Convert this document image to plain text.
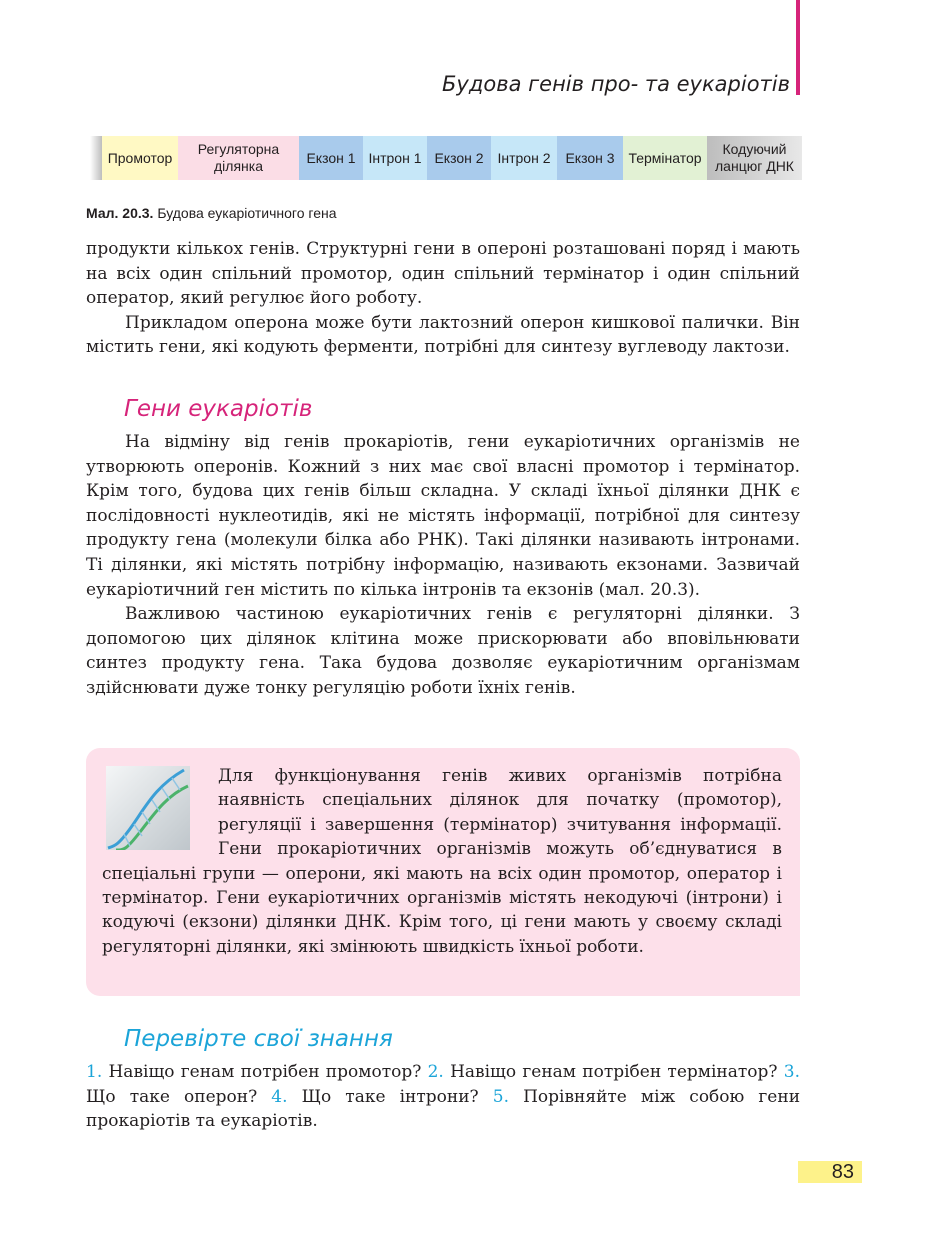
Будова генів про- та еукаріотів
Промотор
Регуляторна ділянка
Екзон 1 Інтрон 1 Екзон 2 Інтрон 2	Екзон 3 Термінатор
Кодуючий ланцюг ДНК
Мал. 20.3. Будова еукаріотичного гена

продукти кількох генів. Структурні гени в опероні розташовані поряд і мають на всіх один спільний промотор, один спільний термінатор і один спільний оператор, який регулює його роботу.

Прикладом оперона може бути лактозний оперон кишкової палички. Він містить гени, які кодують ферменти, потрібні для синтезу вуглеводу лактози.

Гени еукаріотів

На відміну від генів прокаріотів, гени еукаріотичних організмів не утворюють оперонів. Кожний з них має свої власні промотор і термінатор. Крім того, будова цих генів більш складна. У складі їхньої ділянки ДНК є послідовності нуклеотидів, які не містять інформації, потрібної для синтезу продукту гена (молекули білка або РНК). Такі ділянки називають інтронами. Ті ділянки, які містять потрібну інформацію, називають екзонами. Зазвичай еукаріотичний ген містить по кілька інтронів та екзонів (мал. 20.3).

Важливою частиною еукаріотичних генів є регуляторні ділянки. З допомогою цих ділянок клітина може прискорювати або вповільнювати синтез продукту гена. Така будова дозволяє еукаріотичним організмам здійснювати дуже тонку регуляцію роботи їхніх генів.

Для функціонування генів живих організмів потрібна наявність спеціальних ділянок для початку (промотор), регуляції і завершення (термінатор) зчитування інформації. Гени прокаріотичних організмів можуть об’єднуватися в спеціальні групи — оперони, які мають на всіх один промотор, оператор і термінатор. Гени еукаріотичних організмів містять некодуючі (інтрони) і кодуючі (екзони) ділянки ДНК. Крім того, ці гени мають у своєму складі регуляторні ділянки, які змінюють швидкість їхньої роботи.
Перевірте свої знання
1. Навіщо генам потрібен промотор? 2. Навіщо генам потрібен термінатор? 3. Що таке оперон? 4. Що таке інтрони? 5. Порівняйте між собою гени прокаріотів та еукаріотів.
83
